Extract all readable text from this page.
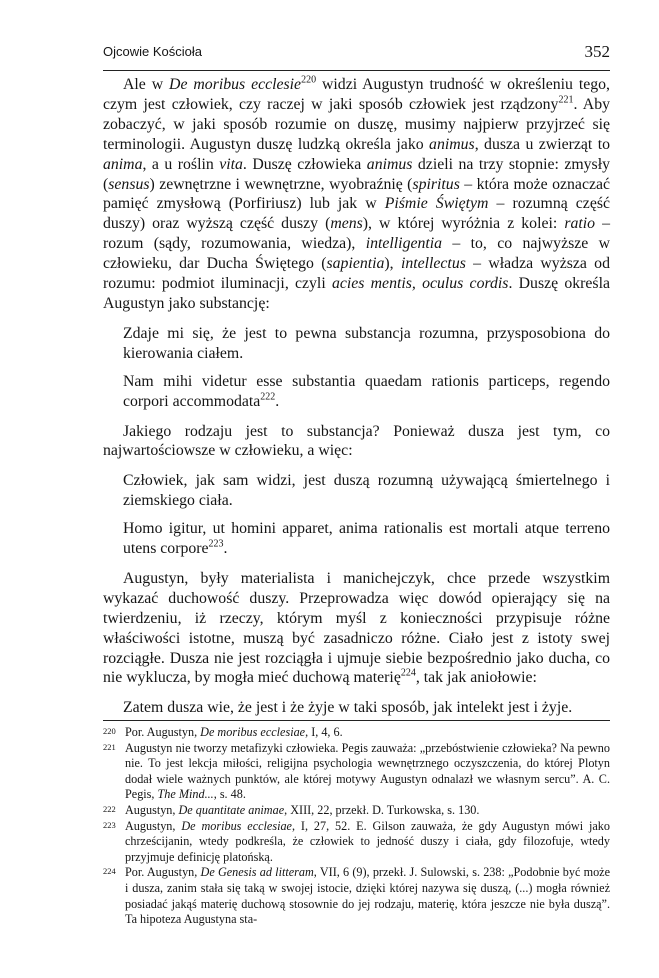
Ojcowie Kościoła	352

Ale w De moribus ecclesie$^{220}$ widzi Augustyn trudność w określeniu tego, czym jest człowiek, czy raczej w jaki sposób człowiek jest rządzony$^{221}$. Aby zobaczyć, w jaki sposób rozumie on duszę, musimy najpierw przyjrzeć się terminologii. Augustyn duszę ludzką określa jako animus, dusza u zwierząt to anima, a u roślin vita. Duszę człowieka animus dzieli na trzy stopnie: zmysły (sensus) zewnętrzne i wewnętrzne, wyobraźnię (spiritus – która może oznaczać pamięć zmysłową (Porfiriusz) lub jak w Piśmie Świętym – rozumną część duszy) oraz wyższą część duszy (mens), w której wyróżnia z kolei: ratio – rozum (sądy, rozumowania, wiedza), intelligentia – to, co najwyższe w człowieku, dar Ducha Świętego (sapientia), intellectus – władza wyższa od rozumu: podmiot iluminacji, czyli acies mentis, oculus cordis. Duszę określa Augustyn jako substancję:

Zdaje mi się, że jest to pewna substancja rozumna, przysposobiona do kierowania ciałem.

Nam mihi videtur esse substantia quaedam rationis particeps, regendo corpori accommodata$^{222}$.

Jakiego rodzaju jest to substancja? Ponieważ dusza jest tym, co najwartościowsze w człowieku, a więc:

Człowiek, jak sam widzi, jest duszą rozumną używającą śmiertelnego i ziemskiego ciała.

Homo igitur, ut homini apparet, anima rationalis est mortali atque terreno utens corpore$^{223}$.

Augustyn, były materialista i manichejczyk, chce przede wszystkim wykazać duchowość duszy. Przeprowadza więc dowód opierający się na twierdzeniu, iż rzeczy, którym myśl z konieczności przypisuje różne właściwości istotne, muszą być zasadniczo różne. Ciało jest z istoty swej rozciągłe. Dusza nie jest rozciągła i ujmuje siebie bezpośrednio jako ducha, co nie wyklucza, by mogła mieć duchową materię$^{224}$, tak jak aniołowie:

Zatem dusza wie, że jest i że żyje w taki sposób, jak intelekt jest i żyje.

220 Por. Augustyn, De moribus ecclesiae, I, 4, 6.
221 Augustyn nie tworzy metafizyki człowieka. Pegis zauważa: „przebóstwienie człowieka? Na pewno nie. To jest lekcja miłości, religijna psychologia wewnętrznego oczyszczenia, do której Plotyn dodał wiele ważnych punktów, ale której motywy Augustyn odnalazł we własnym sercu”. A. C. Pegis, The Mind..., s. 48.
222 Augustyn, De quantitate animae, XIII, 22, przekł. D. Turkowska, s. 130.
223 Augustyn, De moribus ecclesiae, I, 27, 52. E. Gilson zauważa, że gdy Augustyn mówi jako chrześcijanin, wtedy podkreśla, że człowiek to jedność duszy i ciała, gdy filozofuje, wtedy przyjmuje definicję platońską.
224 Por. Augustyn, De Genesis ad litteram, VII, 6 (9), przekł. J. Sulowski, s. 238: „Podobnie być może i dusza, zanim stała się taką w swojej istocie, dzięki której nazywa się duszą, (...) mogła również posiadać jakąś materię duchową stosownie do jej rodzaju, materię, która jeszcze nie była duszą”. Ta hipoteza Augustyna sta-
